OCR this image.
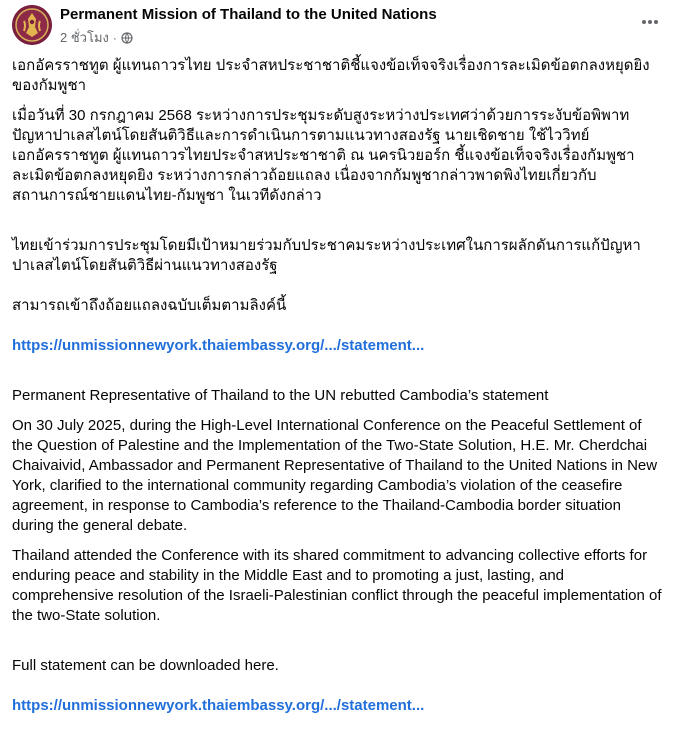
Permanent Mission of Thailand to the United Nations
2 ชั่วโมง ·

เอกอัครราชทูต ผู้แทนถาวรไทย ประจำสหประชาชาติชี้แจงข้อเท็จจริงเรื่องการละเมิดข้อตกลงหยุดยิงของกัมพูชา

เมื่อวันที่ 30 กรกฎาคม 2568 ระหว่างการประชุมระดับสูงระหว่างประเทศว่าด้วยการระงับข้อพิพาทปัญหาปาเลสไตน์โดยสันติวิธีและการดำเนินการตามแนวทางสองรัฐ นายเชิดชาย ใช้ไววิทย์ เอกอัครราชทูต ผู้แทนถาวรไทยประจำสหประชาชาติ ณ นครนิวยอร์ก ชี้แจงข้อเท็จจริงเรื่องกัมพูชาละเมิดข้อตกลงหยุดยิง ระหว่างการกล่าวถ้อยแถลง เนื่องจากกัมพูชากล่าวพาดพิงไทยเกี่ยวกับสถานการณ์ชายแดนไทย-กัมพูชา ในเวทีดังกล่าว

ไทยเข้าร่วมการประชุมโดยมีเป้าหมายร่วมกับประชาคมระหว่างประเทศในการผลักดันการแก้ปัญหาปาเลสไตน์โดยสันติวิธีผ่านแนวทางสองรัฐ

สามารถเข้าถึงถ้อยแถลงฉบับเต็มตามลิงค์นี้

https://unmissionnewyork.thaiembassy.org/.../statement...

Permanent Representative of Thailand to the UN rebutted Cambodia’s statement

On 30 July 2025, during the High-Level International Conference on the Peaceful Settlement of the Question of Palestine and the Implementation of the Two-State Solution, H.E. Mr. Cherdchai Chaivaivid, Ambassador and Permanent Representative of Thailand to the United Nations in New York, clarified to the international community regarding Cambodia’s violation of the ceasefire agreement, in response to Cambodia’s reference to the Thailand-Cambodia border situation during the general debate.

Thailand attended the Conference with its shared commitment to advancing collective efforts for enduring peace and stability in the Middle East and to promoting a just, lasting, and comprehensive resolution of the Israeli-Palestinian conflict through the peaceful implementation of the two-State solution.

Full statement can be downloaded here.

https://unmissionnewyork.thaiembassy.org/.../statement...
